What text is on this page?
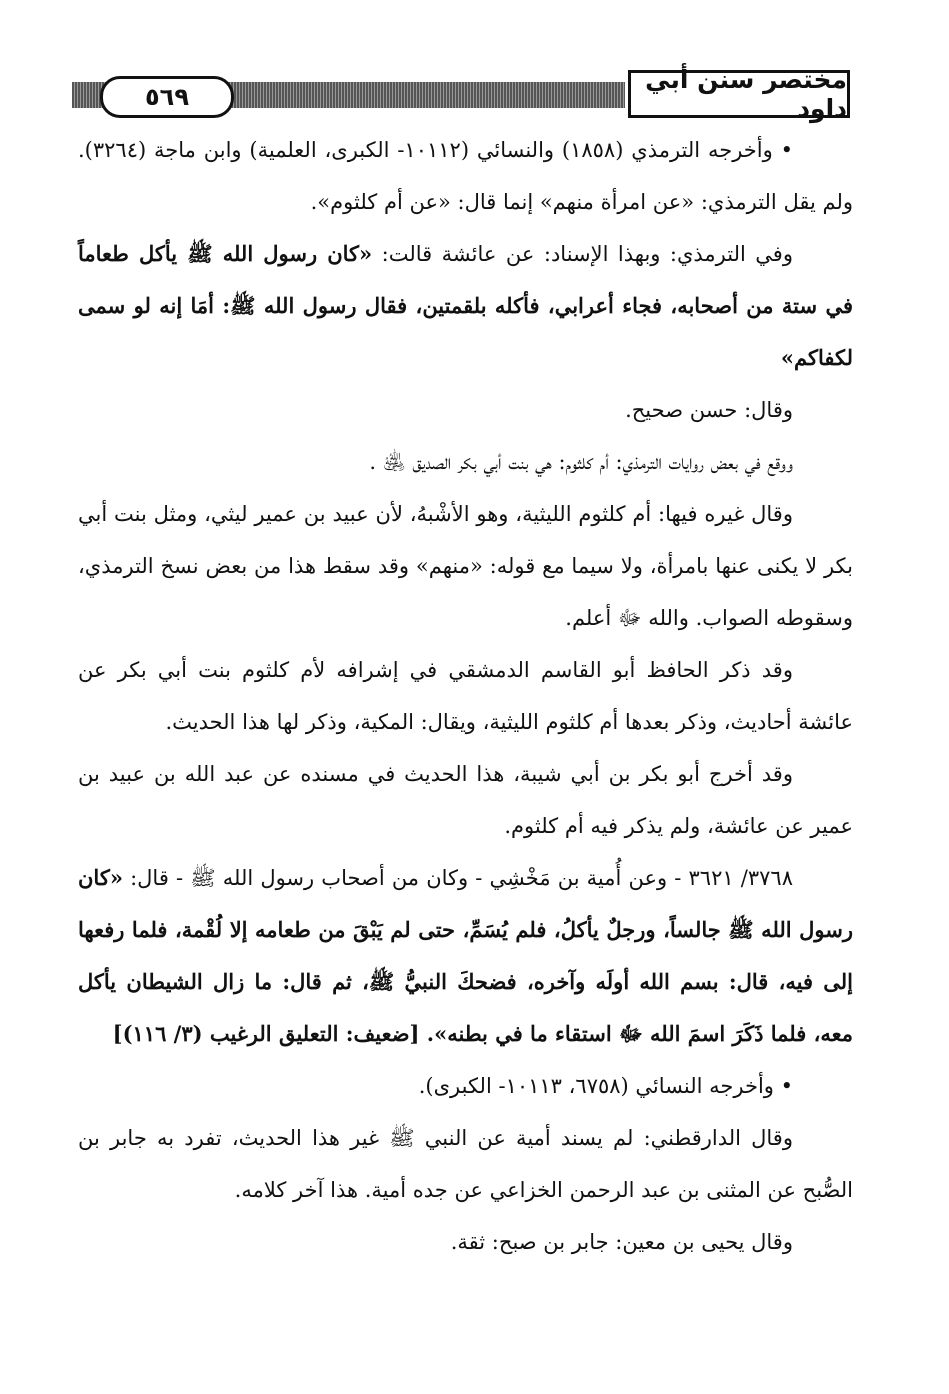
٥٦٩
مختصر سنن أبي داود

• وأخرجه الترمذي (١٨٥٨) والنسائي (١٠١١٢- الكبرى، العلمية) وابن ماجة (٣٢٦٤). ولم يقل الترمذي: «عن امرأة منهم» إنما قال: «عن أم كلثوم».

وفي الترمذي: وبهذا الإسناد: عن عائشة قالت: «كان رسول الله ﷺ يأكل طعاماً في ستة من أصحابه، فجاء أعرابي، فأكله بلقمتين، فقال رسول الله ﷺ: أمَا إنه لو سمى لكفاكم»

وقال: حسن صحيح.

ووقع في بعض روايات الترمذي: أم كلثوم: هي بنت أبي بكر الصديق ﵁ .

وقال غيره فيها: أم كلثوم الليثية، وهو الأشْبهُ، لأن عبيد بن عمير ليثي، ومثل بنت أبي بكر لا يكنى عنها بامرأة، ولا سيما مع قوله: «منهم» وقد سقط هذا من بعض نسخ الترمذي، وسقوطه الصواب. والله ﷻ أعلم.

وقد ذكر الحافظ أبو القاسم الدمشقي في إشرافه لأم كلثوم بنت أبي بكر عن عائشة أحاديث، وذكر بعدها أم كلثوم الليثية، ويقال: المكية، وذكر لها هذا الحديث.

وقد أخرج أبو بكر بن أبي شيبة، هذا الحديث في مسنده عن عبد الله بن عبيد بن عمير عن عائشة، ولم يذكر فيه أم كلثوم.

٣٧٦٨/ ٣٦٢١ - وعن أُمية بن مَخْشِي - وكان من أصحاب رسول الله ﷺ - قال: «كان رسول الله ﷺ جالساً، ورجلٌ يأكلُ، فلم يُسَمِّ، حتى لم يَبْقَ من طعامه إلا لُقْمة، فلما رفعها إلى فيه، قال: بسم الله أولَه وآخره، فضحكَ النبيُّ ﷺ، ثم قال: ما زال الشيطان يأكل معه، فلما ذَكَرَ اسمَ الله ﷻ استقاء ما في بطنه». [ضعيف: التعليق الرغيب (٣/ ١١٦)]

• وأخرجه النسائي (٦٧٥٨، ١٠١١٣- الكبرى).

وقال الدارقطني: لم يسند أمية عن النبي ﷺ غير هذا الحديث، تفرد به جابر بن الصُّبح عن المثنى بن عبد الرحمن الخزاعي عن جده أمية. هذا آخر كلامه.

وقال يحيى بن معين: جابر بن صبح: ثقة.
